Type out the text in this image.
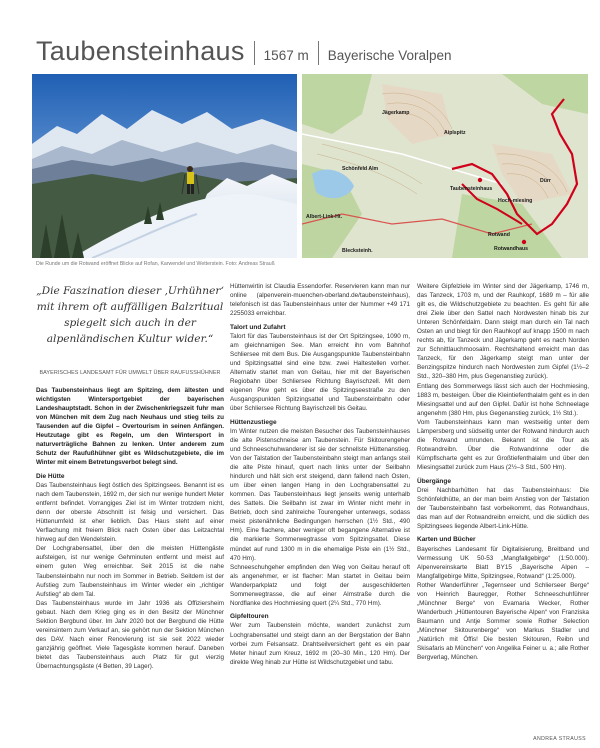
Taubensteinhaus 1567 m Bayerische Voralpen
Jägerkamp
Aiplspitz
Schönfeld Alm
Taubensteinhaus
Hoch-miesing
Rotwand
Rotwandhaus
Albert-Link-Ht.
Blecksteinh.
Dürr
Die Runde um die Rotwand eröffnet Blicke auf Rofan, Karwendel und Wetterstein. Foto: Andreas Strauß
„Die Faszination dieser ‚Urhühner‘ mit ihrem oft auffälligen Balzritual spiegelt sich auch in der alpenländischen Kultur wider.“
BAYERISCHES LANDESAMT FÜR UMWELT ÜBER RAUFUSSHÜHNER

Das Taubensteinhaus liegt am Spitzing, dem ältesten und wichtigsten Wintersportgebiet der bayerischen Landeshauptstadt. Schon in der Zwischenkriegszeit fuhr man von München mit dem Zug nach Neuhaus und stieg teils zu Tausenden auf die Gipfel – Overtourism in seinen Anfängen. Heutzutage gibt es Regeln, um den Wintersport in naturverträgliche Bahnen zu lenken. Unter anderem zum Schutz der Raufußhühner gibt es Wildschutzgebiete, die im Winter mit einem Betretungsverbot belegt sind.

Die Hütte

Das Taubensteinhaus liegt östlich des Spitzingsees. Benannt ist es nach dem Taubenstein, 1692 m, der sich nur wenige hundert Meter entfernt befindet. Vorrangiges Ziel ist im Winter trotzdem nicht, denn der oberste Abschnitt ist felsig und versichert. Das Hüttenumfeld ist eher lieblich. Das Haus steht auf einer Verflachung mit freiem Blick nach Osten über das Leitzachtal hinweg auf den Wendelstein.

Der Lochgrabensattel, über den die meisten Hüttengäste aufsteigen, ist nur wenige Gehminuten entfernt und meist auf einem guten Weg erreichbar. Seit 2015 ist die nahe Taubensteinbahn nur noch im Sommer in Betrieb. Seitdem ist der Aufstieg zum Taubensteinhaus im Winter wieder ein „richtiger Aufstieg“ ab dem Tal.

Das Taubensteinhaus wurde im Jahr 1936 als Offiziersheim gebaut. Nach dem Krieg ging es in den Besitz der Münchner Sektion Bergbund über. Im Jahr 2020 bot der Bergbund die Hütte vereinsintern zum Verkauf an, sie gehört nun der Sektion München des DAV. Nach einer Renovierung ist sie seit 2022 wieder ganzjährig geöffnet. Viele Tagesgäste kommen herauf. Daneben bietet das Taubensteinhaus auch Platz für gut vierzig Übernachtungsgäste (4 Betten, 39 Lager).

Hüttenwirtin ist Claudia Essendorfer. Reservieren kann man nur online (alpenverein-muenchen-oberland.de/taubensteinhaus), telefonisch ist das Taubensteinhaus unter der Nummer +49 171 2255033 erreichbar.

Talort und Zufahrt

Talort für das Taubensteinhaus ist der Ort Spitzingsee, 1090 m, am gleichnamigen See. Man erreicht ihn vom Bahnhof Schliersee mit dem Bus. Die Ausgangspunkte Taubensteinbahn und Spitzingsattel sind eine bzw. zwei Haltestellen vorher. Alternativ startet man von Geitau, hier mit der Bayerischen Regiobahn über Schliersee Richtung Bayrischzell. Mit dem eigenen Pkw geht es über die Spitzingseestraße zu den Ausgangspunkten Spitzingsattel und Taubensteinbahn oder über Schliersee Richtung Bayrischzell bis Geitau.

Hüttenzustiege

Im Winter nutzen die meisten Besucher des Taubensteinhauses die alte Pistenschneise am Taubenstein. Für Skitourengeher und Schneeschuhwanderer ist sie der schnellste Hüttenanstieg. Von der Talstation der Taubensteinbahn steigt man anfangs steil die alte Piste hinauf, quert nach links unter der Seilbahn hindurch und hält sich erst steigend, dann fallend nach Osten, um über einen langen Hang in den Lochgrabensattel zu kommen. Das Taubensteinhaus liegt jenseits wenig unterhalb des Sattels. Die Seilbahn ist zwar im Winter nicht mehr in Betrieb, doch sind zahlreiche Tourengeher unterwegs, sodass meist pistenähnliche Bedingungen herrschen (1½ Std., 490 Hm). Eine flachere, aber weniger oft begangene Alternative ist die markierte Sommerwegtrasse vom Spitzingsattel. Diese mündet auf rund 1300 m in die ehemalige Piste ein (1½ Std., 470 Hm).

Schneeschuhgeher empfinden den Weg von Geitau herauf oft als angenehmer, er ist flacher: Man startet in Geitau beim Wanderparkplatz und folgt der ausgeschilderten Sommerwegtrasse, die auf einer Almstraße durch die Nordflanke des Hochmiesing quert (2¼ Std., 770 Hm).

Gipfeltouren

Wer zum Taubenstein möchte, wandert zunächst zum Lochgrabensattel und steigt dann an der Bergstation der Bahn vorbei zum Felsansatz. Drahtseilversichert geht es ein paar Meter hinauf zum Kreuz, 1692 m (20–30 Min., 120 Hm). Der direkte Weg hinab zur Hütte ist Wildschutzgebiet und tabu.

Weitere Gipfelziele im Winter sind der Jägerkamp, 1746 m, das Tanzeck, 1703 m, und der Rauhkopf, 1689 m – für alle gilt es, die Wildschutzgebiete zu beachten. Es geht für alle drei Ziele über den Sattel nach Nordwesten hinab bis zur Unteren Schönfeldalm. Dann steigt man durch ein Tal nach Osten an und biegt für den Rauhkopf auf knapp 1500 m nach rechts ab, für Tanzeck und Jägerkamp geht es nach Norden zur Schnittlauchmoosalm. Rechtshaltend erreicht man das Tanzeck, für den Jägerkamp steigt man unter der Benzingspitze hindurch nach Nordwesten zum Gipfel (1½–2 Std., 320–380 Hm, plus Gegenanstieg zurück).

Entlang des Sommerwegs lässt sich auch der Hochmiesing, 1883 m, besteigen. Über die Kleintiefenthalalm geht es in den Miesingsattel und auf den Gipfel. Dafür ist hohe Schneelage angenehm (380 Hm, plus Gegenanstieg zurück, 1½ Std.).

Vom Taubensteinhaus kann man westseitig unter dem Lämpersberg und südseitig unter der Rotwand hindurch auch die Rotwand umrunden. Bekannt ist die Tour als Rotwandreibn. Über die Rotwandrinne oder die Kümpflscharte geht es zur Großtiefenthalalm und über den Miesingsattel zurück zum Haus (2½–3 Std., 500 Hm).

Übergänge

Drei Nachbarhütten hat das Taubensteinhaus: Die Schönfeldhütte, an der man beim Anstieg von der Talstation der Taubensteinbahn fast vorbeikommt, das Rotwandhaus, das man auf der Rotwandreibn erreicht, und die südlich des Spitzingsees liegende Albert-Link-Hütte.

Karten und Bücher

Bayerisches Landesamt für Digitalisierung, Breitband und Vermessung UK 50-53 „Mangfallgebirge“ (1:50.000). Alpenvereinskarte Blatt BY15 „Bayerische Alpen – Mangfallgebirge Mitte, Spitzingsee, Rotwand“ (1:25.000).

Rother Wanderführer „Tegernseer und Schlierseer Berge“ von Heinrich Bauregger, Rother Schneeschuhführer „Münchner Berge“ von Evamaria Wecker, Rother Wanderbuch „Hüttentouren Bayerische Alpen“ von Franziska Baumann und Antje Sommer sowie Rother Selection „Münchner Skitourenberge“ von Markus Stadler und „Natürlich mit Öffis! Die besten Skitouren, Reibn und Skisafaris ab München“ von Angelika Feiner u. a.; alle Rother Bergverlag, München.

ANDREA STRAUSS
